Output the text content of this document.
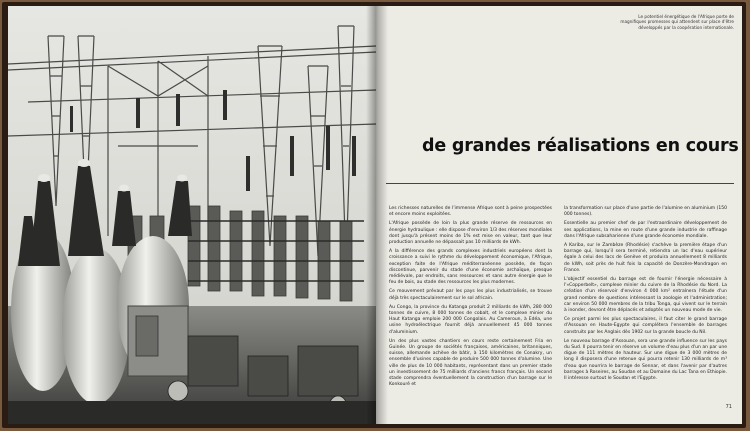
Le potentiel énergétique de l'Afrique porte de magnifiques promesses qui attendent sur place d'être développés par la coopération internationale.
de grandes réalisations en cours

Les richesses naturelles de l'immense Afrique sont à peine prospectées et encore moins exploitées.

L'Afrique possède de loin la plus grande réserve de ressources en énergie hydraulique : elle dispose d'environ 1/3 des réserves mondiales dont jusqu'à présent moins de 1% est mise en valeur, tant que leur production annuelle ne dépassait pas 10 milliards de kWh.

A la différence des grands complexes industriels européens dont la croissance a suivi le rythme du développement économique, l'Afrique, exception faite de l'Afrique méditerranéenne possède, de façon discontinue, parvenir du stade d'une économie archaïque, presque médiévale, par endroits, sans ressources et sans autre énergie que le feu de bois, au stade des ressources les plus modernes.

Ce mouvement prévaut par les pays les plus industrialisés, se trouve déjà très spectaculairement sur le sol africain.

Au Congo, la province du Katanga produit 2 milliards de kWh, 280 000 tonnes de cuivre, 8 000 tonnes de cobalt, et le complexe minier du Haut Katanga emploie 200 000 Congolais. Au Cameroun, à Edéa, une usine hydroélectrique fournit déjà annuellement 45 000 tonnes d'aluminium.

Un des plus vastes chantiers en cours reste certainement Fria en Guinée. Un groupe de sociétés françaises, américaines, britanniques, suisse, allemande achève de bâtir, à 150 kilomètres de Conakry, un ensemble d'usines capable de produire 500 000 tonnes d'alumine. Une ville de plus de 10 000 habitants, représentant dans un premier stade un investissement de 75 milliards d'anciens francs français. Un second stade comprendra éventuellement la construction d'un barrage sur le Konkouré et

la transformation sur place d'une partie de l'alumine en aluminium (150 000 tonnes).

Essentielle au premier chef de par l'extraordinaire développement de ses applications, la mine en route d'une grande industrie de raffinage dans l'Afrique subsaharienne d'une grande économie mondiale.

A Kariba, sur le Zambèze (Rhodésie) s'achève la première étape d'un barrage qui, lorsqu'il sera terminé, retiendra un lac d'eau supérieur égale à celui des lacs de Genève et produira annuellement 8 milliards de kWh, soit près de huit fois la capacité de Donzère-Mondragon en France.

L'objectif essentiel du barrage est de fournir l'énergie nécessaire à l'«Copperbelt», complexe minier du cuivre de la Rhodésie du Nord. La création d'un réservoir d'environ 4 000 km² entraînera l'étude d'un grand nombre de questions intéressant la zoologie et l'administration; car environ 50 000 membres de la tribu Tonga, qui vivent sur le terrain à inonder, devront être déplacés et adoptés un nouveau mode de vie.

Ce projet parmi les plus spectaculaires, il faut citer le grand barrage d'Assouan en Haute-Egypte qui complétera l'ensemble de barrages construits par les Anglais dès 1902 sur la grande boucle du Nil.

Le nouveau barrage d'Assouan, sera une grande influence sur les pays du Sud. Il pourra tenir en réserve un volume d'eau plus d'un an par une digue de 111 mètres de hauteur. Sur une digue de 3 000 mètres de long il disposera d'une retenue qui pourra retenir 130 milliards de m³ d'eau que nourrira le barrage de Sennar, et dans l'avenir par d'autres barrages à Roseires, au Soudan et au Domaine du Lac Tana en Ethiopie. Il intéresse surtout le Soudan et l'Egypte.

71
